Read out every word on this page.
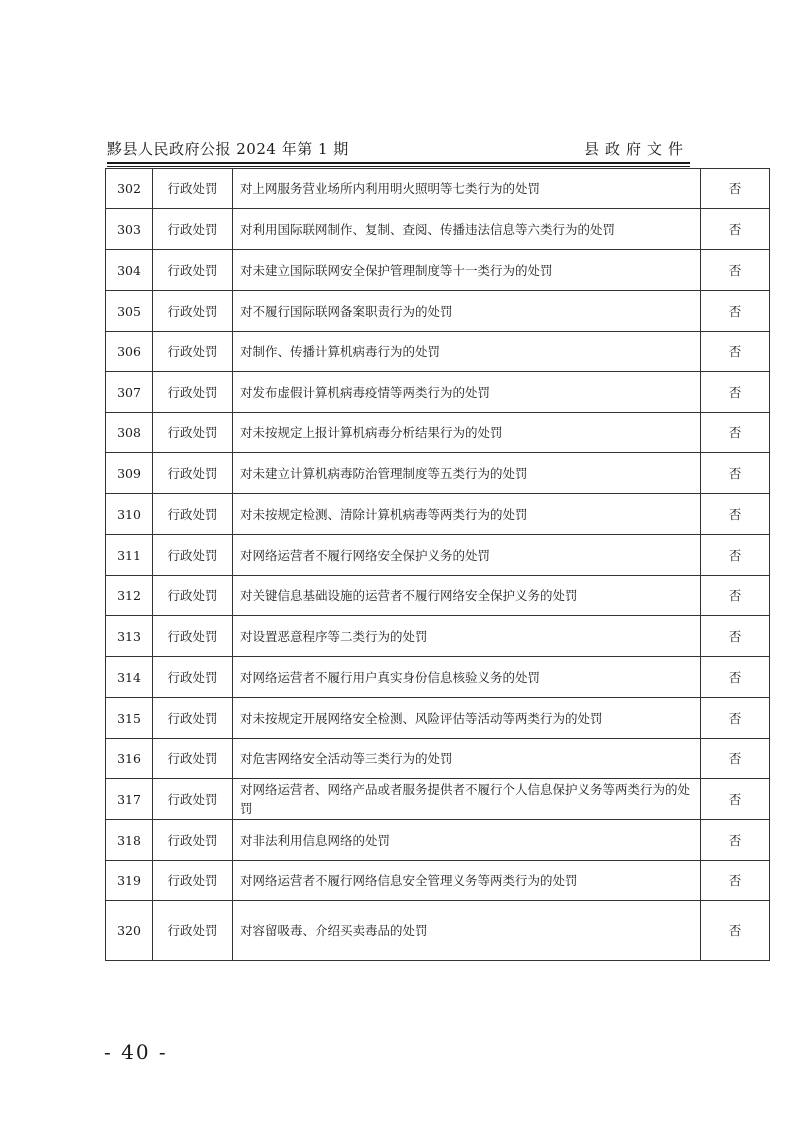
黟县人民政府公报 2024 年第 1 期	县政府文件
302	行政处罚	对上网服务营业场所内利用明火照明等七类行为的处罚	否
303	行政处罚	对利用国际联网制作、复制、查阅、传播违法信息等六类行为的处罚	否
304	行政处罚	对未建立国际联网安全保护管理制度等十一类行为的处罚	否
305	行政处罚	对不履行国际联网备案职责行为的处罚	否
306	行政处罚	对制作、传播计算机病毒行为的处罚	否
307	行政处罚	对发布虚假计算机病毒疫情等两类行为的处罚	否
308	行政处罚	对未按规定上报计算机病毒分析结果行为的处罚	否
309	行政处罚	对未建立计算机病毒防治管理制度等五类行为的处罚	否
310	行政处罚	对未按规定检测、清除计算机病毒等两类行为的处罚	否
311	行政处罚	对网络运营者不履行网络安全保护义务的处罚	否
312	行政处罚	对关键信息基础设施的运营者不履行网络安全保护义务的处罚	否
313	行政处罚	对设置恶意程序等二类行为的处罚	否
314	行政处罚	对网络运营者不履行用户真实身份信息核验义务的处罚	否
315	行政处罚	对未按规定开展网络安全检测、风险评估等活动等两类行为的处罚	否
316	行政处罚	对危害网络安全活动等三类行为的处罚	否
317	行政处罚	对网络运营者、网络产品或者服务提供者不履行个人信息保护义务等两类行为的处罚	否
318	行政处罚	对非法利用信息网络的处罚	否
319	行政处罚	对网络运营者不履行网络信息安全管理义务等两类行为的处罚	否
320	行政处罚	对容留吸毒、介绍买卖毒品的处罚	否
- 40 -
